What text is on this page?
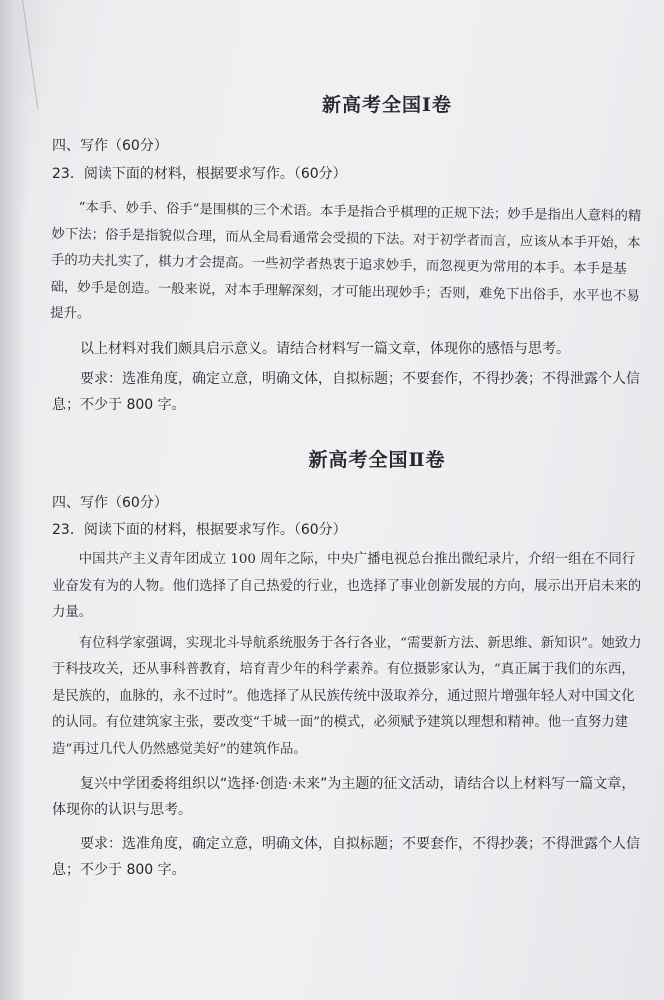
新高考全国Ⅰ卷

四、写作（60分）

23．阅读下面的材料，根据要求写作。（60分）

“本手、妙手、俗手”是围棋的三个术语。本手是指合乎棋理的正规下法；妙手是指出人意料的精妙下法；俗手是指貌似合理，而从全局看通常会受损的下法。对于初学者而言，应该从本手开始，本手的功夫扎实了，棋力才会提高。一些初学者热衷于追求妙手，而忽视更为常用的本手。本手是基础，妙手是创造。一般来说，对本手理解深刻，才可能出现妙手；否则，难免下出俗手，水平也不易提升。

以上材料对我们颇具启示意义。请结合材料写一篇文章，体现你的感悟与思考。

要求：选准角度，确定立意，明确文体，自拟标题；不要套作，不得抄袭；不得泄露个人信息；不少于 800 字。

新高考全国Ⅱ卷

四、写作（60分）

23．阅读下面的材料，根据要求写作。（60分）

中国共产主义青年团成立 100 周年之际，中央广播电视总台推出微纪录片，介绍一组在不同行业奋发有为的人物。他们选择了自己热爱的行业，也选择了事业创新发展的方向，展示出开启未来的力量。

有位科学家强调，实现北斗导航系统服务于各行各业，“需要新方法、新思维、新知识”。她致力于科技攻关，还从事科普教育，培育青少年的科学素养。有位摄影家认为，“真正属于我们的东西，是民族的，血脉的，永不过时”。他选择了从民族传统中汲取养分，通过照片增强年轻人对中国文化的认同。有位建筑家主张，要改变“千城一面”的模式，必须赋予建筑以理想和精神。他一直努力建造“再过几代人仍然感觉美好”的建筑作品。

复兴中学团委将组织以“选择·创造·未来”为主题的征文活动，请结合以上材料写一篇文章，体现你的认识与思考。

要求：选准角度，确定立意，明确文体，自拟标题；不要套作，不得抄袭；不得泄露个人信息；不少于 800 字。
